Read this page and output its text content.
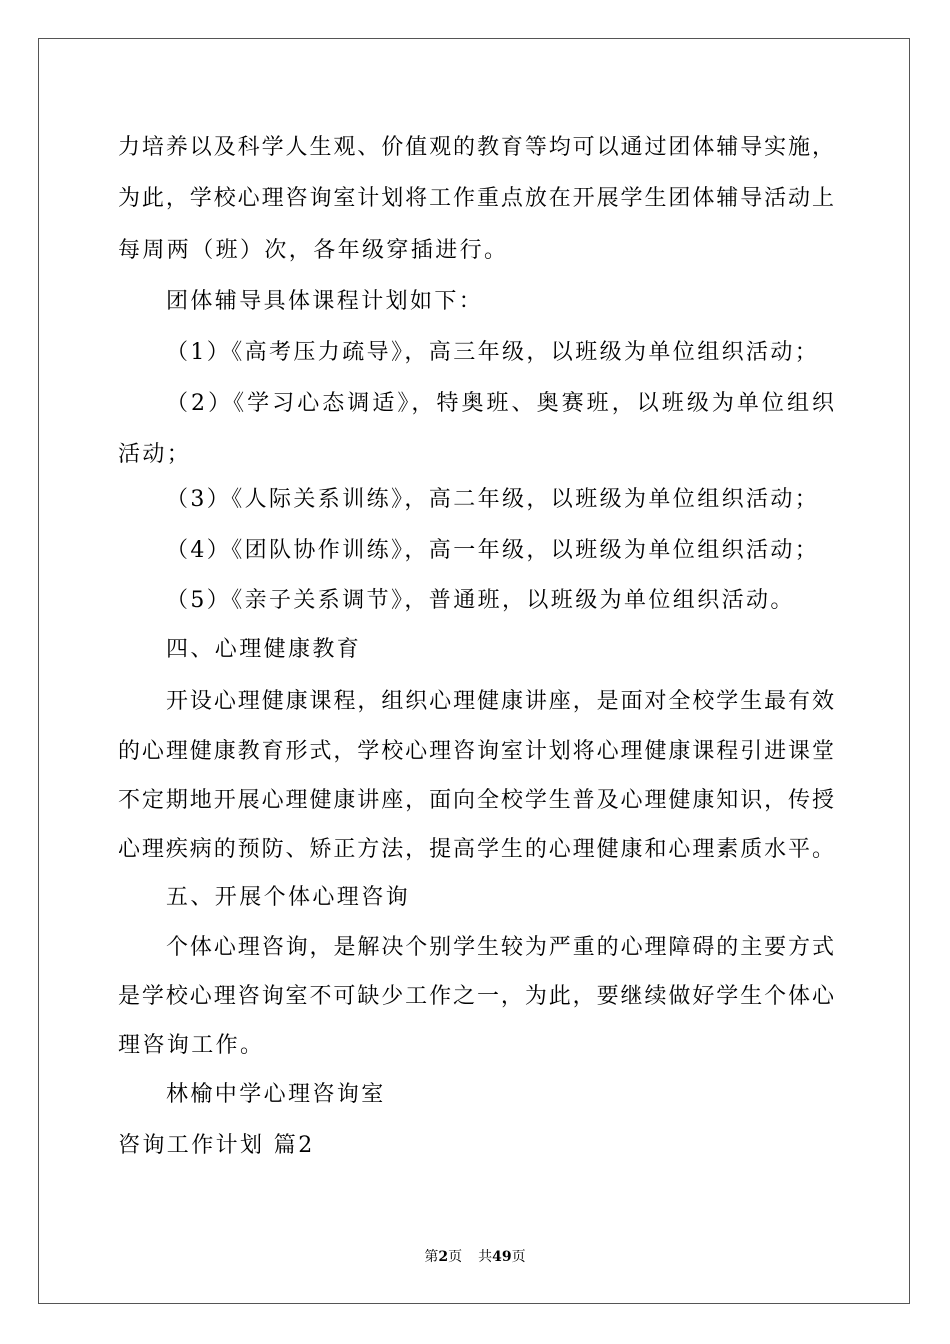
力培养以及科学人生观、价值观的教育等均可以通过团体辅导实施，
为此，学校心理咨询室计划将工作重点放在开展学生团体辅导活动上
每周两（班）次，各年级穿插进行。
团体辅导具体课程计划如下：
（1）《高考压力疏导》，高三年级，以班级为单位组织活动；
（2）《学习心态调适》，特奥班、奥赛班，以班级为单位组织
活动；
（3）《人际关系训练》，高二年级，以班级为单位组织活动；
（4）《团队协作训练》，高一年级，以班级为单位组织活动；
（5）《亲子关系调节》，普通班，以班级为单位组织活动。
四、心理健康教育
开设心理健康课程，组织心理健康讲座，是面对全校学生最有效
的心理健康教育形式，学校心理咨询室计划将心理健康课程引进课堂
不定期地开展心理健康讲座，面向全校学生普及心理健康知识，传授
心理疾病的预防、矫正方法，提高学生的心理健康和心理素质水平。
五、开展个体心理咨询
个体心理咨询，是解决个别学生较为严重的心理障碍的主要方式
是学校心理咨询室不可缺少工作之一，为此，要继续做好学生个体心
理咨询工作。
林榆中学心理咨询室
咨询工作计划 篇2
第2页 共49页
